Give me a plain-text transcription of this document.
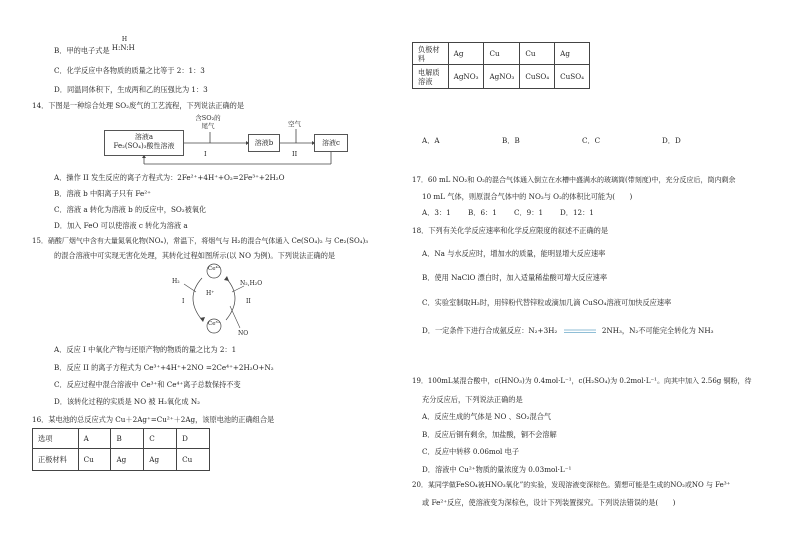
B．甲的电子式是
H
H:N:H
C．化学反应中各物质的质量之比等于 2：1：3
D．同温同体积下，生成两和乙的压强比为 1：3
14．下图是一种综合处理 SO₂废气的工艺流程，下列说法正确的是
溶液a
Fe₂(SO₄)₃酸性溶液
含SO₂的
尾气
I
溶液b
空气
II
溶液c
A．操作 II 发生反应的离子方程式为：2Fe²⁺+4H⁺+O₂=2Fe³⁺+2H₂O
B．溶液 b 中阳离子只有 Fe²⁺
C．溶液 a 转化为溶液 b 的反应中，SO₂被氧化
D．加入 FeO 可以使溶液 c 转化为溶液 a
15．硝酸厂烟气中含有大量氮氧化物(NOₓ)，常温下，将烟气与 H₂的混合气体通入 Ce(SO₄)₂ 与 Ce₂(SO₄)₃
的混合溶液中可实现无害化处理，其转化过程如图所示(以 NO 为例)。下列说法正确的是
Ce⁴⁺
Ce³⁺
H₂
H⁺
N₂,H₂O
I	II
NO
A．反应 I 中氧化产物与还原产物的物质的量之比为 2：1
B．反应 II 的离子方程式为 Ce³⁺+4H⁺+2NO =2Ce⁴⁺+2H₂O+N₂
C．反应过程中混合溶液中 Ce³⁺和 Ce⁴⁺离子总数保持不变
D．该转化过程的实质是 NO 被 H₂氧化成 N₂
16．某电池的总反应式为 Cu＋2Ag⁺=Cu²⁺＋2Ag，该原电池的正确组合是
选项	A	B	C	D
正极材料	Cu	Ag	Ag	Cu
负极材料	Ag	Cu	Cu	Ag
电解质溶液	AgNO₃	AgNO₃	CuSO₄	CuSO₄
A．A	B．B	C．C	D．D
17．60 mL NO₂和 O₂的混合气体通入倒立在水槽中盛满水的玻璃筒(带刻度)中，充分反应后，筒内剩余
10 mL 气体，则原混合气体中的 NO₂与 O₂的体积比可能为(　　)
A．3：1 B．6：1 C．9：1 D．12：1
18．下列有关化学反应速率和化学反应限度的叙述不正确的是
A．Na 与水反应时，增加水的质量，能明显增大反应速率
B．使用 NaClO 漂白时，加入适量稀盐酸可增大反应速率
C．实验室制取H₂时，用锌粉代替锌粒或滴加几滴 CuSO₄溶液可加快反应速率
D．一定条件下进行合成氨反应：N₂+3H₂	2NH₃，N₂不可能完全转化为 NH₃
19．100mL某混合酸中，c(HNO₃)为 0.4mol·L⁻¹，c(H₂SO₄)为 0.2mol·L⁻¹。向其中加入 2.56g 铜粉，待
充分反应后，下列说法正确的是
A．反应生成的气体是 NO 、SO₂混合气
B．反应后铜有剩余，加盐酸，铜不会溶解
C．反应中转移 0.06mol 电子
D．溶液中 Cu²⁺物质的量浓度为 0.03mol·L⁻¹
20．某同学做FeSO₄被HNO₃氧化”的实验，发现溶液变深棕色。猜想可能是生成的NO₂或NO 与 Fe³⁺
或 Fe²⁺反应，使溶液变为深棕色，设计下列装置探究。下列说法错误的是(　　)
